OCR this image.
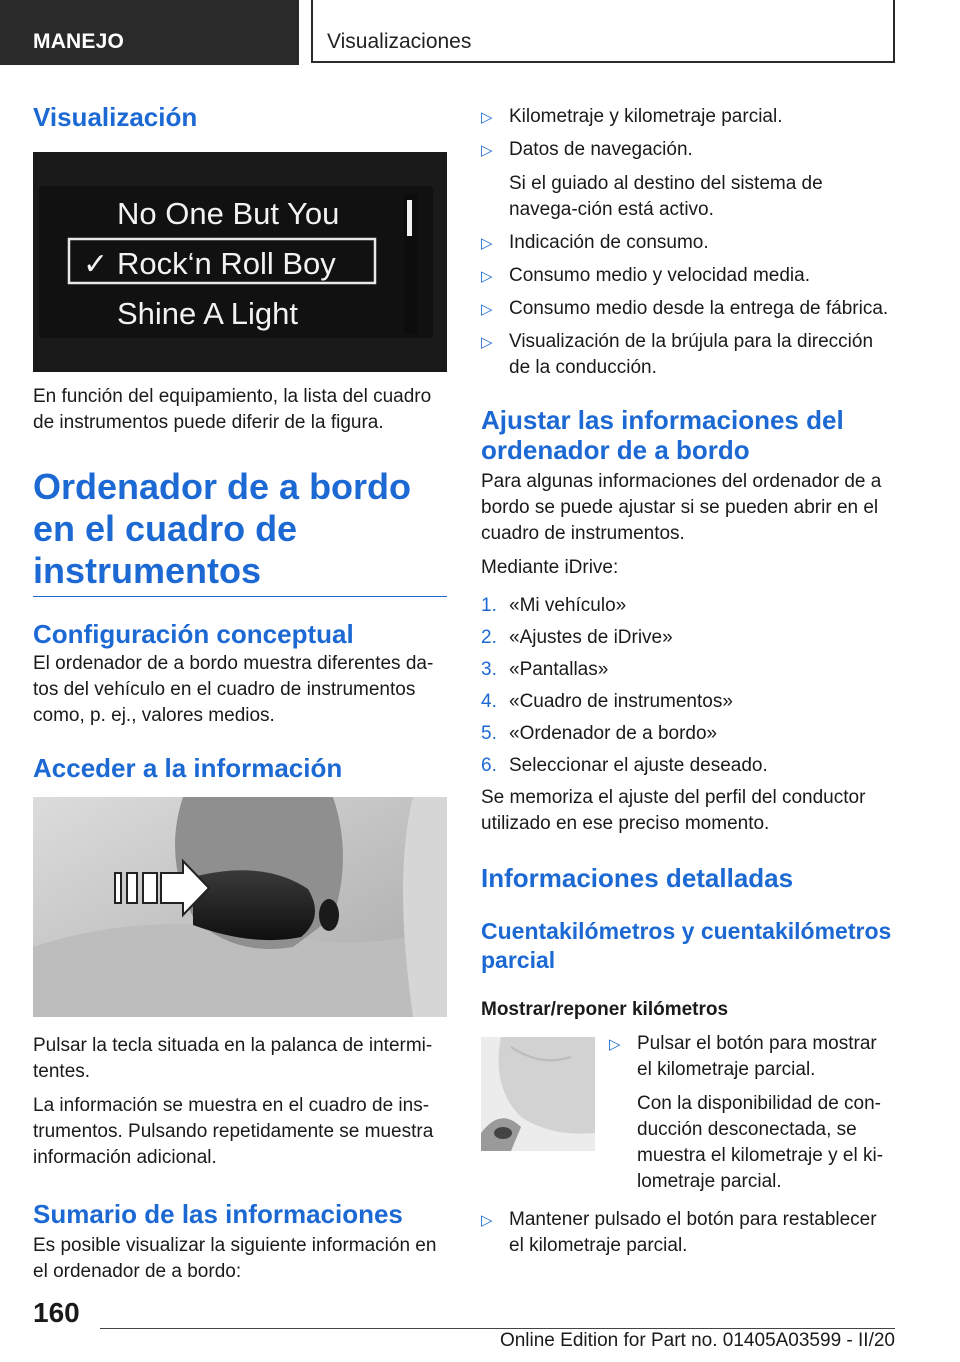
MANEJO	Visualizaciones
Visualización
No One But You
✓ Rock‘n Roll Boy
Shine A Light

En función del equipamiento, la lista del cuadro de instrumentos puede diferir de la figura.

Ordenador de a bordo en el cuadro de instrumentos
Configuración conceptual

El ordenador de a bordo muestra diferentes da‐tos del vehículo en el cuadro de instrumentos como, p. ej., valores medios.

Acceder a la información

Pulsar la tecla situada en la palanca de intermi‐tentes.

La información se muestra en el cuadro de ins‐trumentos. Pulsando repetidamente se muestra información adicional.

Sumario de las informaciones

Es posible visualizar la siguiente información en el ordenador de a bordo:

▷ Kilometraje y kilometraje parcial.
▷ Datos de navegación.
Si el guiado al destino del sistema de navega‐ción está activo.
▷ Indicación de consumo.
▷ Consumo medio y velocidad media.
▷ Consumo medio desde la entrega de fábrica.
▷ Visualización de la brújula para la dirección de la conducción.
Ajustar las informaciones del ordenador de a bordo

Para algunas informaciones del ordenador de a bordo se puede ajustar si se pueden abrir en el cuadro de instrumentos.

Mediante iDrive:

1. «Mi vehículo»
2. «Ajustes de iDrive»
3. «Pantallas»
4. «Cuadro de instrumentos»
5. «Ordenador de a bordo»
6. Seleccionar el ajuste deseado.

Se memoriza el ajuste del perfil del conductor utilizado en ese preciso momento.

Informaciones detalladas
Cuentakilómetros y cuentakilómetros parcial

Mostrar/reponer kilómetros

▷ Pulsar el botón para mostrar el kilometraje parcial.
Con la disponibilidad de con‐ducción desconectada, se muestra el kilometraje y el ki‐lometraje parcial.
▷ Mantener pulsado el botón para restablecer el kilometraje parcial.
160
Online Edition for Part no. 01405A03599 - II/20
